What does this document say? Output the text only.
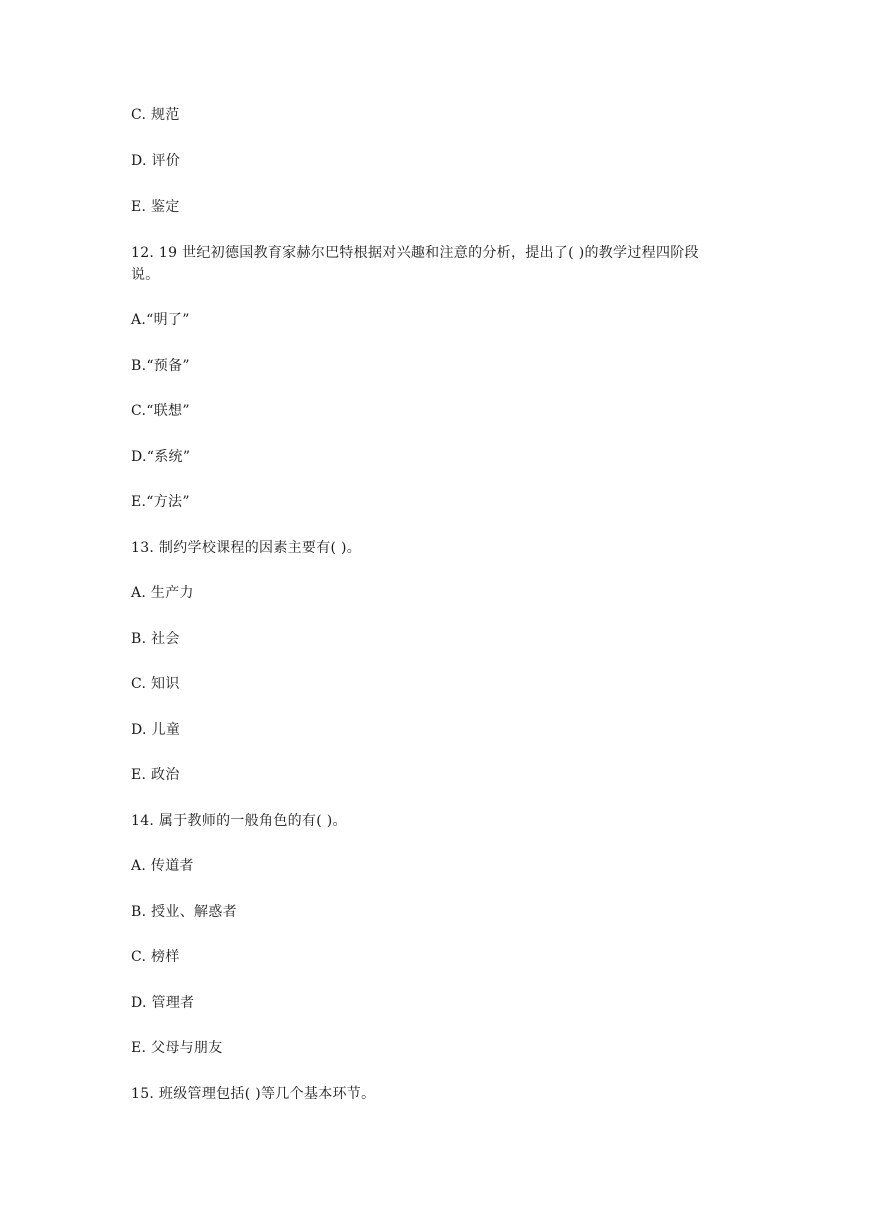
C. 规范
D. 评价
E. 鉴定
12. 19 世纪初德国教育家赫尔巴特根据对兴趣和注意的分析，提出了( )的教学过程四阶段
说。
A.“明了”
B.“预备”
C.“联想”
D.“系统”
E.“方法”
13. 制约学校课程的因素主要有( )。
A. 生产力
B. 社会
C. 知识
D. 儿童
E. 政治
14. 属于教师的一般角色的有( )。
A. 传道者
B. 授业、解惑者
C. 榜样
D. 管理者
E. 父母与朋友
15. 班级管理包括( )等几个基本环节。
